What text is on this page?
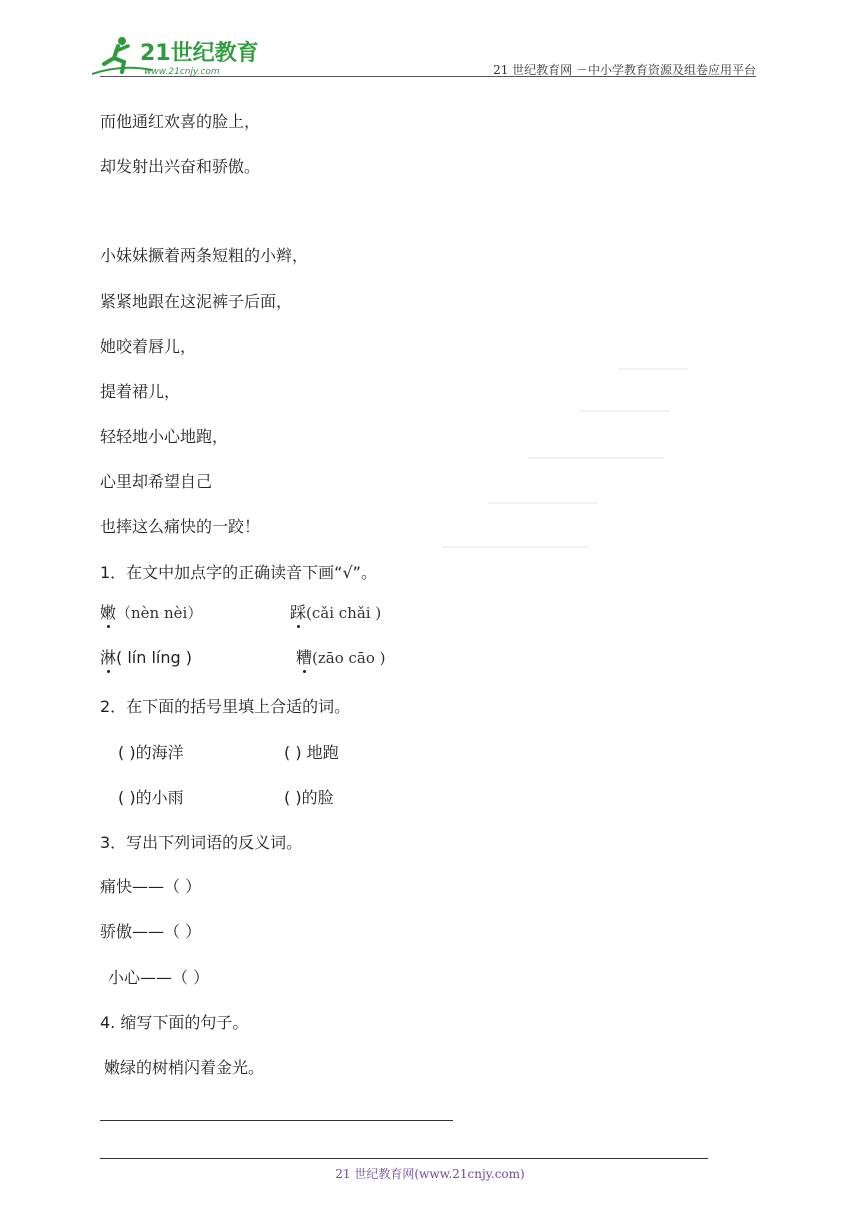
21世纪教育
www.21cnjy.com	21 世纪教育网 －中小学教育资源及组卷应用平台
而他通红欢喜的脸上，
却发射出兴奋和骄傲。
小妹妹撅着两条短粗的小辫，
紧紧地跟在这泥裤子后面，
她咬着唇儿，
提着裙儿，
轻轻地小心地跑，
心里却希望自己
也摔这么痛快的一跤！
1．在文中加点字的正确读音下画“√”。
嫩（nèn nèi）	踩(cǎi chǎi )
淋( lín líng )	糟(zāo cāo )
2．在下面的括号里填上合适的词。
( )的海洋	( ) 地跑
( )的小雨	( )的脸
3．写出下列词语的反义词。
痛快——（ ）
骄傲——（ ）
小心——（ ）
4. 缩写下面的句子。
嫩绿的树梢闪着金光。
21 世纪教育网(www.21cnjy.com)
